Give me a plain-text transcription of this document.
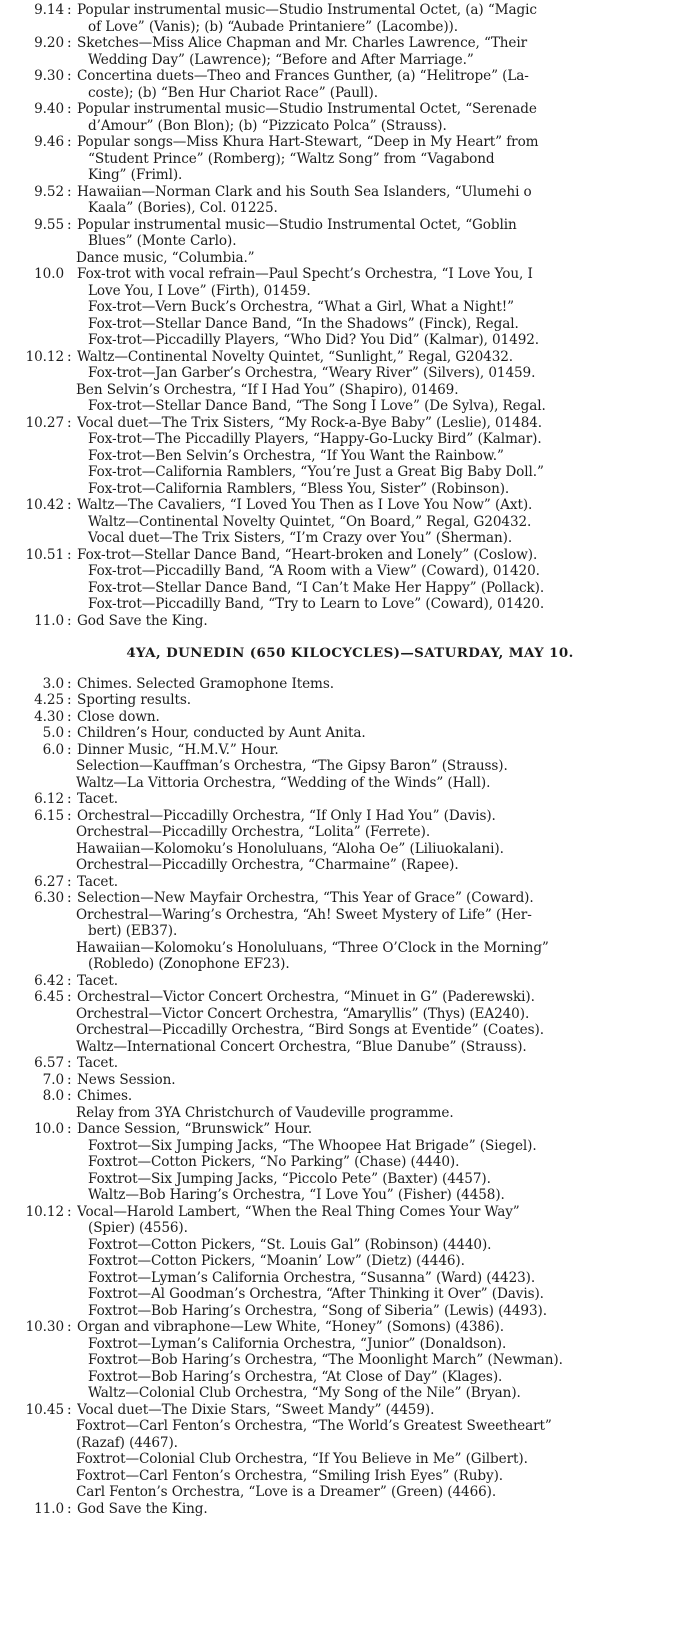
9.14 : Popular instrumental music—Studio Instrumental Octet, (a) “Magic
of Love” (Vanis); (b) “Aubade Printaniere” (Lacombe)).
9.20 : Sketches—Miss Alice Chapman and Mr. Charles Lawrence, “Their
Wedding Day” (Lawrence); “Before and After Marriage.”
9.30 : Concertina duets—Theo and Frances Gunther, (a) “Helitrope” (La-
coste); (b) “Ben Hur Chariot Race” (Paull).
9.40 : Popular instrumental music—Studio Instrumental Octet, “Serenade
d’Amour” (Bon Blon); (b) “Pizzicato Polca” (Strauss).
9.46 : Popular songs—Miss Khura Hart-Stewart, “Deep in My Heart” from
“Student Prince” (Romberg); “Waltz Song” from “Vagabond
King” (Friml).
9.52 : Hawaiian—Norman Clark and his South Sea Islanders, “Ulumehi o
Kaala” (Bories), Col. 01225.
9.55 : Popular instrumental music—Studio Instrumental Octet, “Goblin
Blues” (Monte Carlo).
Dance music, “Columbia.”
10.0 Fox-trot with vocal refrain—Paul Specht’s Orchestra, “I Love You, I
Love You, I Love” (Firth), 01459.
Fox-trot—Vern Buck’s Orchestra, “What a Girl, What a Night!”
Fox-trot—Stellar Dance Band, “In the Shadows” (Finck), Regal.
Fox-trot—Piccadilly Players, “Who Did? You Did” (Kalmar), 01492.
10.12 : Waltz—Continental Novelty Quintet, “Sunlight,” Regal, G20432.
Fox-trot—Jan Garber’s Orchestra, “Weary River” (Silvers), 01459.
Ben Selvin’s Orchestra, “If I Had You” (Shapiro), 01469.
Fox-trot—Stellar Dance Band, “The Song I Love” (De Sylva), Regal.
10.27 : Vocal duet—The Trix Sisters, “My Rock-a-Bye Baby” (Leslie), 01484.
Fox-trot—The Piccadilly Players, “Happy-Go-Lucky Bird” (Kalmar).
Fox-trot—Ben Selvin’s Orchestra, “If You Want the Rainbow.”
Fox-trot—California Ramblers, “You’re Just a Great Big Baby Doll.”
Fox-trot—California Ramblers, “Bless You, Sister” (Robinson).
10.42 : Waltz—The Cavaliers, “I Loved You Then as I Love You Now” (Axt).
Waltz—Continental Novelty Quintet, “On Board,” Regal, G20432.
Vocal duet—The Trix Sisters, “I’m Crazy over You” (Sherman).
10.51 : Fox-trot—Stellar Dance Band, “Heart-broken and Lonely” (Coslow).
Fox-trot—Piccadilly Band, “A Room with a View” (Coward), 01420.
Fox-trot—Stellar Dance Band, “I Can’t Make Her Happy” (Pollack).
Fox-trot—Piccadilly Band, “Try to Learn to Love” (Coward), 01420.
11.0 : God Save the King.
4YA, DUNEDIN (650 KILOCYCLES)—SATURDAY, MAY 10.
3.0 : Chimes. Selected Gramophone Items.
4.25 : Sporting results.
4.30 : Close down.
5.0 : Children’s Hour, conducted by Aunt Anita.
6.0 : Dinner Music, “H.M.V.” Hour.
Selection—Kauffman’s Orchestra, “The Gipsy Baron” (Strauss).
Waltz—La Vittoria Orchestra, “Wedding of the Winds” (Hall).
6.12 : Tacet.
6.15 : Orchestral—Piccadilly Orchestra, “If Only I Had You” (Davis).
Orchestral—Piccadilly Orchestra, “Lolita” (Ferrete).
Hawaiian—Kolomoku’s Honoluluans, “Aloha Oe” (Liliuokalani).
Orchestral—Piccadilly Orchestra, “Charmaine” (Rapee).
6.27 : Tacet.
6.30 : Selection—New Mayfair Orchestra, “This Year of Grace” (Coward).
Orchestral—Waring’s Orchestra, “Ah! Sweet Mystery of Life” (Her-
bert) (EB37).
Hawaiian—Kolomoku’s Honoluluans, “Three O’Clock in the Morning”
(Robledo) (Zonophone EF23).
6.42 : Tacet.
6.45 : Orchestral—Victor Concert Orchestra, “Minuet in G” (Paderewski).
Orchestral—Victor Concert Orchestra, “Amaryllis” (Thys) (EA240).
Orchestral—Piccadilly Orchestra, “Bird Songs at Eventide” (Coates).
Waltz—International Concert Orchestra, “Blue Danube” (Strauss).
6.57 : Tacet.
7.0 : News Session.
8.0 : Chimes.
Relay from 3YA Christchurch of Vaudeville programme.
10.0 : Dance Session, “Brunswick” Hour.
Foxtrot—Six Jumping Jacks, “The Whoopee Hat Brigade” (Siegel).
Foxtrot—Cotton Pickers, “No Parking” (Chase) (4440).
Foxtrot—Six Jumping Jacks, “Piccolo Pete” (Baxter) (4457).
Waltz—Bob Haring’s Orchestra, “I Love You” (Fisher) (4458).
10.12 : Vocal—Harold Lambert, “When the Real Thing Comes Your Way”
(Spier) (4556).
Foxtrot—Cotton Pickers, “St. Louis Gal” (Robinson) (4440).
Foxtrot—Cotton Pickers, “Moanin’ Low” (Dietz) (4446).
Foxtrot—Lyman’s California Orchestra, “Susanna” (Ward) (4423).
Foxtrot—Al Goodman’s Orchestra, “After Thinking it Over” (Davis).
Foxtrot—Bob Haring’s Orchestra, “Song of Siberia” (Lewis) (4493).
10.30 : Organ and vibraphone—Lew White, “Honey” (Somons) (4386).
Foxtrot—Lyman’s California Orchestra, “Junior” (Donaldson).
Foxtrot—Bob Haring’s Orchestra, “The Moonlight March” (Newman).
Foxtrot—Bob Haring’s Orchestra, “At Close of Day” (Klages).
Waltz—Colonial Club Orchestra, “My Song of the Nile” (Bryan).
10.45 : Vocal duet—The Dixie Stars, “Sweet Mandy” (4459).
Foxtrot—Carl Fenton’s Orchestra, “The World’s Greatest Sweetheart”
(Razaf) (4467).
Foxtrot—Colonial Club Orchestra, “If You Believe in Me” (Gilbert).
Foxtrot—Carl Fenton’s Orchestra, “Smiling Irish Eyes” (Ruby).
Carl Fenton’s Orchestra, “Love is a Dreamer” (Green) (4466).
11.0 : God Save the King.
